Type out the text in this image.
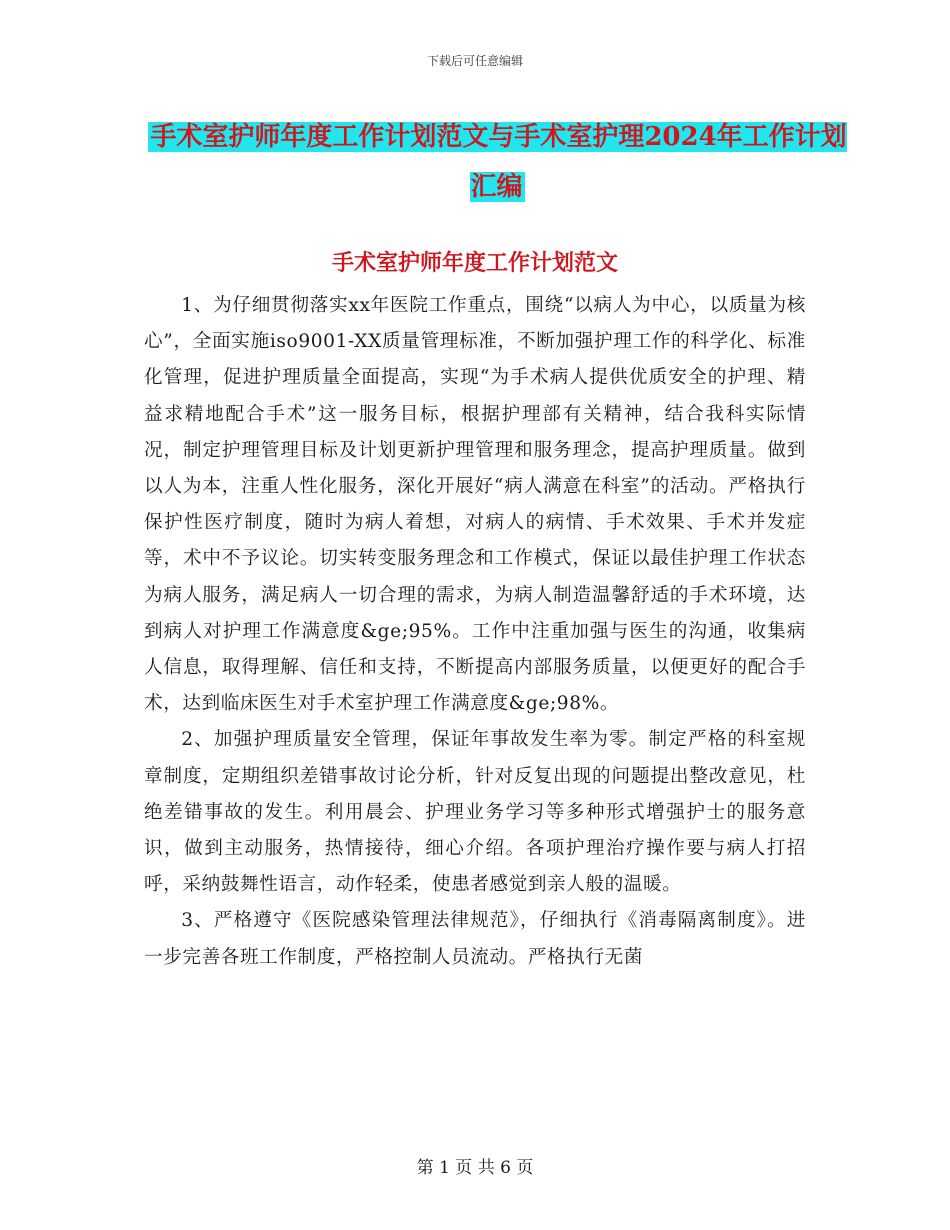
下载后可任意编辑
手术室护师年度工作计划范文与手术室护理2024年工作计划汇编
手术室护师年度工作计划范文

1、为仔细贯彻落实xx年医院工作重点，围绕“以病人为中心，以质量为核心”，全面实施iso9001-XX质量管理标准，不断加强护理工作的科学化、标准化管理，促进护理质量全面提高，实现“为手术病人提供优质安全的护理、精益求精地配合手术”这一服务目标，根据护理部有关精神，结合我科实际情况，制定护理管理目标及计划更新护理管理和服务理念，提高护理质量。做到以人为本，注重人性化服务，深化开展好“病人满意在科室”的活动。严格执行保护性医疗制度，随时为病人着想，对病人的病情、手术效果、手术并发症等，术中不予议论。切实转变服务理念和工作模式，保证以最佳护理工作状态为病人服务，满足病人一切合理的需求，为病人制造温馨舒适的手术环境，达到病人对护理工作满意度&ge;95%。工作中注重加强与医生的沟通，收集病人信息，取得理解、信任和支持，不断提高内部服务质量，以便更好的配合手术，达到临床医生对手术室护理工作满意度&ge;98%。

2、加强护理质量安全管理，保证年事故发生率为零。制定严格的科室规章制度，定期组织差错事故讨论分析，针对反复出现的问题提出整改意见，杜绝差错事故的发生。利用晨会、护理业务学习等多种形式增强护士的服务意识，做到主动服务，热情接待，细心介绍。各项护理治疗操作要与病人打招呼，采纳鼓舞性语言，动作轻柔，使患者感觉到亲人般的温暖。

3、严格遵守《医院感染管理法律规范》，仔细执行《消毒隔离制度》。进一步完善各班工作制度，严格控制人员流动。严格执行无菌

第 1 页 共 6 页
